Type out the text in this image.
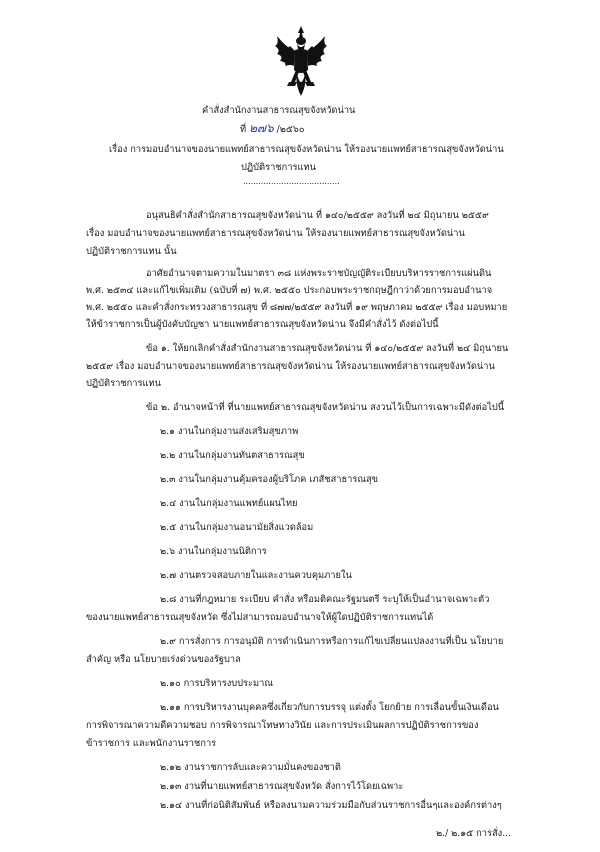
คำสั่งสำนักงานสาธารณสุขจังหวัดน่าน
ที่ ๒๗๖ /๒๕๖๐
เรื่อง การมอบอำนาจของนายแพทย์สาธารณสุขจังหวัดน่าน ให้รองนายแพทย์สาธารณสุขจังหวัดน่าน
ปฏิบัติราชการแทน
......................................
อนุสนธิคำสั่งสำนักสาธารณสุขจังหวัดน่าน ที่ ๑๔๐/๒๕๕๙ ลงวันที่ ๒๔ มิถุนายน ๒๕๕๙
เรื่อง มอบอำนาจของนายแพทย์สาธารณสุขจังหวัดน่าน ให้รองนายแพทย์สาธารณสุขจังหวัดน่าน
ปฏิบัติราชการแทน นั้น
อาศัยอำนาจตามความในมาตรา ๓๘ แห่งพระราชบัญญัติระเบียบบริหารราชการแผ่นดิน
พ.ศ. ๒๕๓๔ และแก้ไขเพิ่มเติม (ฉบับที่ ๗) พ.ศ. ๒๕๕๐ ประกอบพระราชกฤษฎีกาว่าด้วยการมอบอำนาจ
พ.ศ. ๒๕๕๐ และคำสั่งกระทรวงสาธารณสุข ที่ ๘๗๗/๒๕๕๙ ลงวันที่ ๑๙ พฤษภาคม ๒๕๕๙ เรื่อง มอบหมาย
ให้ข้าราชการเป็นผู้บังคับบัญชา นายแพทย์สาธารณสุขจังหวัดน่าน จึงมีคำสั่งไว้ ดังต่อไปนี้
ข้อ ๑. ให้ยกเลิกคำสั่งสำนักงานสาธารณสุขจังหวัดน่าน ที่ ๑๔๐/๒๕๕๙ ลงวันที่ ๒๔ มิถุนายน
๒๕๕๙ เรื่อง มอบอำนาจของนายแพทย์สาธารณสุขจังหวัดน่าน ให้รองนายแพทย์สาธารณสุขจังหวัดน่าน
ปฏิบัติราชการแทน
ข้อ ๒. อำนาจหน้าที่ ที่นายแพทย์สาธารณสุขจังหวัดน่าน สงวนไว้เป็นการเฉพาะมีดังต่อไปนี้
๒.๑ งานในกลุ่มงานส่งเสริมสุขภาพ
๒.๒ งานในกลุ่มงานทันตสาธารณสุข
๒.๓ งานในกลุ่มงานคุ้มครองผู้บริโภค เภสัชสาธารณสุข
๒.๔ งานในกลุ่มงานแพทย์แผนไทย
๒.๕ งานในกลุ่มงานอนามัยสิ่งแวดล้อม
๒.๖ งานในกลุ่มงานนิติการ
๒.๗ งานตรวจสอบภายในและงานควบคุมภายใน
๒.๘ งานที่กฎหมาย ระเบียบ คำสั่ง หรือมติคณะรัฐมนตรี ระบุให้เป็นอำนาจเฉพาะตัว
ของนายแพทย์สาธารณสุขจังหวัด ซึ่งไม่สามารถมอบอำนาจให้ผู้ใดปฏิบัติราชการแทนได้
๒.๙ การสั่งการ การอนุมัติ การดำเนินการหรือการแก้ไขเปลี่ยนแปลงงานที่เป็น นโยบาย
สำคัญ หรือ นโยบายเร่งด่วนของรัฐบาล
๒.๑๐ การบริหารงบประมาณ
๒.๑๑ การบริหารงานบุคคลซึ่งเกี่ยวกับการบรรจุ แต่งตั้ง โยกย้าย การเลื่อนขั้นเงินเดือน
การพิจารณาความดีความชอบ การพิจารณาโทษทางวินัย และการประเมินผลการปฏิบัติราชการของ
ข้าราชการ และพนักงานราชการ
๒.๑๒ งานราชการลับและความมั่นคงของชาติ
๒.๑๓ งานที่นายแพทย์สาธารณสุขจังหวัด สั่งการไว้โดยเฉพาะ
๒.๑๔ งานที่ก่อนิติสัมพันธ์ หรือลงนามความร่วมมือกับส่วนราชการอื่นๆและองค์กรต่างๆ
๒./ ๒.๑๕ การสั่ง...
